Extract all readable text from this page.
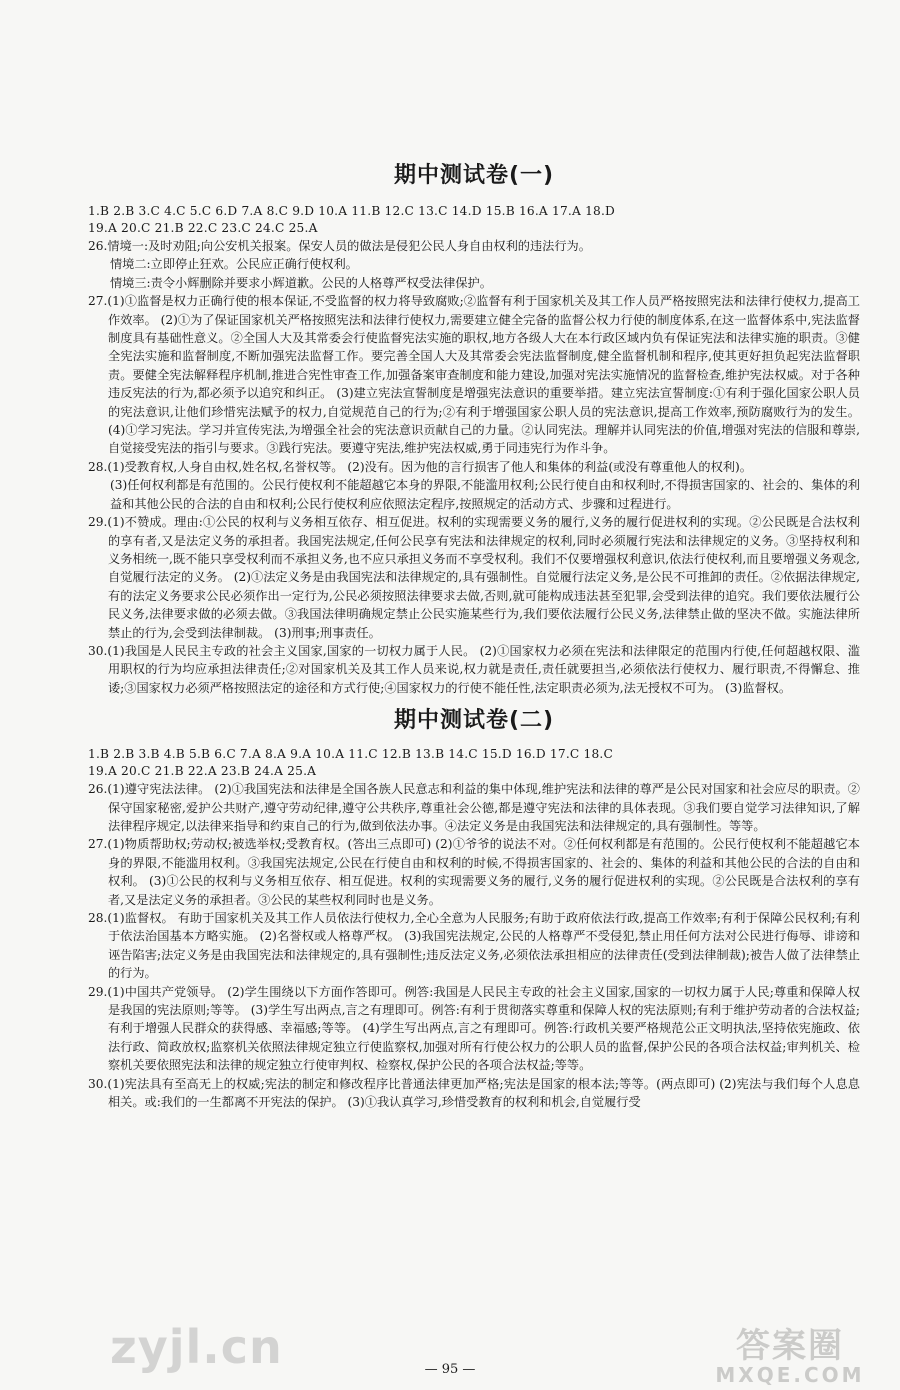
期中测试卷(一)
1.B 2.B 3.C 4.C 5.C 6.D 7.A 8.C 9.D 10.A 11.B 12.C 13.C 14.D 15.B 16.A 17.A 18.D
19.A 20.C 21.B 22.C 23.C 24.C 25.A
26.情境一:及时劝阻;向公安机关报案。保安人员的做法是侵犯公民人身自由权利的违法行为。
情境二:立即停止狂欢。公民应正确行使权利。
情境三:责令小辉删除并要求小辉道歉。公民的人格尊严权受法律保护。
27.(1)①监督是权力正确行使的根本保证,不受监督的权力将导致腐败;②监督有利于国家机关及其工作人员严格按照宪法和法律行使权力,提高工作效率。 (2)①为了保证国家机关严格按照宪法和法律行使权力,需要建立健全完备的监督公权力行使的制度体系,在这一监督体系中,宪法监督制度具有基础性意义。②全国人大及其常委会行使监督宪法实施的职权,地方各级人大在本行政区域内负有保证宪法和法律实施的职责。③健全宪法实施和监督制度,不断加强宪法监督工作。要完善全国人大及其常委会宪法监督制度,健全监督机制和程序,使其更好担负起宪法监督职责。要健全宪法解释程序机制,推进合宪性审查工作,加强备案审查制度和能力建设,加强对宪法实施情况的监督检查,维护宪法权威。对于各种违反宪法的行为,都必须予以追究和纠正。 (3)建立宪法宣誓制度是增强宪法意识的重要举措。建立宪法宣誓制度:①有利于强化国家公职人员的宪法意识,让他们珍惜宪法赋予的权力,自觉规范自己的行为;②有利于增强国家公职人员的宪法意识,提高工作效率,预防腐败行为的发生。 (4)①学习宪法。学习并宣传宪法,为增强全社会的宪法意识贡献自己的力量。②认同宪法。理解并认同宪法的价值,增强对宪法的信服和尊崇,自觉接受宪法的指引与要求。③践行宪法。要遵守宪法,维护宪法权威,勇于同违宪行为作斗争。
28.(1)受教育权,人身自由权,姓名权,名誉权等。 (2)没有。因为他的言行损害了他人和集体的利益(或没有尊重他人的权利)。
(3)任何权利都是有范围的。公民行使权利不能超越它本身的界限,不能滥用权利;公民行使自由和权利时,不得损害国家的、社会的、集体的利益和其他公民的合法的自由和权利;公民行使权利应依照法定程序,按照规定的活动方式、步骤和过程进行。
29.(1)不赞成。理由:①公民的权利与义务相互依存、相互促进。权利的实现需要义务的履行,义务的履行促进权利的实现。②公民既是合法权利的享有者,又是法定义务的承担者。我国宪法规定,任何公民享有宪法和法律规定的权利,同时必须履行宪法和法律规定的义务。③坚持权利和义务相统一,既不能只享受权利而不承担义务,也不应只承担义务而不享受权利。我们不仅要增强权利意识,依法行使权利,而且要增强义务观念,自觉履行法定的义务。 (2)①法定义务是由我国宪法和法律规定的,具有强制性。自觉履行法定义务,是公民不可推卸的责任。②依据法律规定,有的法定义务要求公民必须作出一定行为,公民必须按照法律要求去做,否则,就可能构成违法甚至犯罪,会受到法律的追究。我们要依法履行公民义务,法律要求做的必须去做。③我国法律明确规定禁止公民实施某些行为,我们要依法履行公民义务,法律禁止做的坚决不做。实施法律所禁止的行为,会受到法律制裁。 (3)刑事;刑事责任。
30.(1)我国是人民民主专政的社会主义国家,国家的一切权力属于人民。 (2)①国家权力必须在宪法和法律限定的范围内行使,任何超越权限、滥用职权的行为均应承担法律责任;②对国家机关及其工作人员来说,权力就是责任,责任就要担当,必须依法行使权力、履行职责,不得懈怠、推诿;③国家权力必须严格按照法定的途径和方式行使;④国家权力的行使不能任性,法定职责必须为,法无授权不可为。 (3)监督权。
期中测试卷(二)
1.B 2.B 3.B 4.B 5.B 6.C 7.A 8.A 9.A 10.A 11.C 12.B 13.B 14.C 15.D 16.D 17.C 18.C
19.A 20.C 21.B 22.A 23.B 24.A 25.A
26.(1)遵守宪法法律。 (2)①我国宪法和法律是全国各族人民意志和利益的集中体现,维护宪法和法律的尊严是公民对国家和社会应尽的职责。②保守国家秘密,爱护公共财产,遵守劳动纪律,遵守公共秩序,尊重社会公德,都是遵守宪法和法律的具体表现。③我们要自觉学习法律知识,了解法律程序规定,以法律来指导和约束自己的行为,做到依法办事。④法定义务是由我国宪法和法律规定的,具有强制性。等等。
27.(1)物质帮助权;劳动权;被选举权;受教育权。(答出三点即可) (2)①爷爷的说法不对。②任何权利都是有范围的。公民行使权利不能超越它本身的界限,不能滥用权利。③我国宪法规定,公民在行使自由和权利的时候,不得损害国家的、社会的、集体的利益和其他公民的合法的自由和权利。 (3)①公民的权利与义务相互依存、相互促进。权利的实现需要义务的履行,义务的履行促进权利的实现。②公民既是合法权利的享有者,又是法定义务的承担者。③公民的某些权利同时也是义务。
28.(1)监督权。 有助于国家机关及其工作人员依法行使权力,全心全意为人民服务;有助于政府依法行政,提高工作效率;有利于保障公民权利;有利于依法治国基本方略实施。 (2)名誉权或人格尊严权。 (3)我国宪法规定,公民的人格尊严不受侵犯,禁止用任何方法对公民进行侮辱、诽谤和诬告陷害;法定义务是由我国宪法和法律规定的,具有强制性;违反法定义务,必须依法承担相应的法律责任(受到法律制裁);被告人做了法律禁止的行为。
29.(1)中国共产党领导。 (2)学生围绕以下方面作答即可。例答:我国是人民民主专政的社会主义国家,国家的一切权力属于人民;尊重和保障人权是我国的宪法原则;等等。 (3)学生写出两点,言之有理即可。例答:有利于贯彻落实尊重和保障人权的宪法原则;有利于维护劳动者的合法权益;有利于增强人民群众的获得感、幸福感;等等。 (4)学生写出两点,言之有理即可。例答:行政机关要严格规范公正文明执法,坚持依宪施政、依法行政、简政放权;监察机关依照法律规定独立行使监察权,加强对所有行使公权力的公职人员的监督,保护公民的各项合法权益;审判机关、检察机关要依照宪法和法律的规定独立行使审判权、检察权,保护公民的各项合法权益;等等。
30.(1)宪法具有至高无上的权威;宪法的制定和修改程序比普通法律更加严格;宪法是国家的根本法;等等。(两点即可) (2)宪法与我们每个人息息相关。或:我们的一生都离不开宪法的保护。 (3)①我认真学习,珍惜受教育的权利和机会,自觉履行受
— 95 —
zyjl.cn	答案圈
MXQE.COM
